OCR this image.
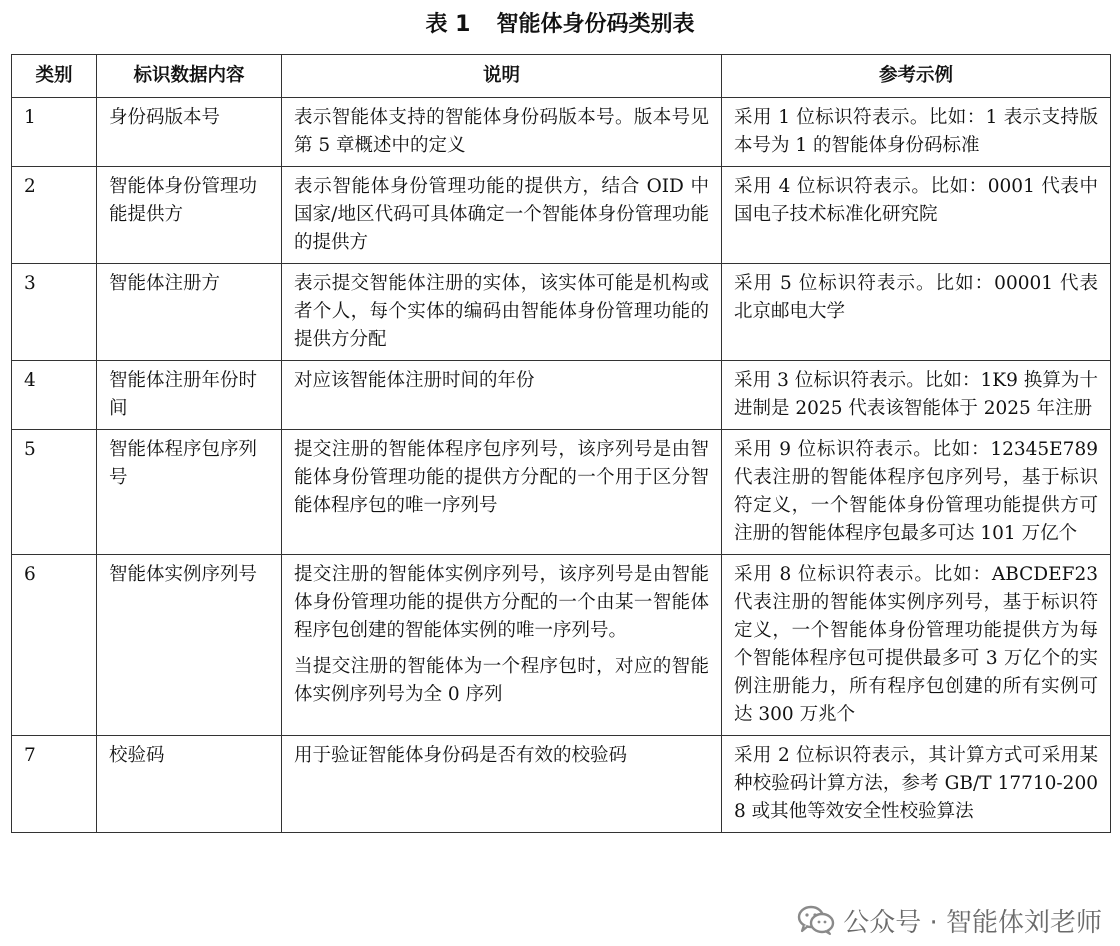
表 1 智能体身份码类别表
类别	标识数据内容	说明	参考示例
1	身份码版本号	表示智能体支持的智能体身份码版本号。版本号见第 5 章概述中的定义	采用 1 位标识符表示。比如：1 表示支持版本号为 1 的智能体身份码标准
2	智能体身份管理功能提供方	表示智能体身份管理功能的提供方，结合 OID 中国家/地区代码可具体确定一个智能体身份管理功能的提供方	采用 4 位标识符表示。比如：0001 代表中国电子技术标准化研究院
3	智能体注册方	表示提交智能体注册的实体，该实体可能是机构或者个人，每个实体的编码由智能体身份管理功能的提供方分配	采用 5 位标识符表示。比如：00001 代表北京邮电大学
4	智能体注册年份时间	对应该智能体注册时间的年份	采用 3 位标识符表示。比如：1K9 换算为十进制是 2025 代表该智能体于 2025 年注册
5	智能体程序包序列号	提交注册的智能体程序包序列号，该序列号是由智能体身份管理功能的提供方分配的一个用于区分智能体程序包的唯一序列号	采用 9 位标识符表示。比如：12345E789 代表注册的智能体程序包序列号，基于标识符定义，一个智能体身份管理功能提供方可注册的智能体程序包最多可达 101 万亿个
6	智能体实例序列号	提交注册的智能体实例序列号，该序列号是由智能体身份管理功能的提供方分配的一个由某一智能体程序包创建的智能体实例的唯一序列号。
当提交注册的智能体为一个程序包时，对应的智能体实例序列号为全 0 序列	采用 8 位标识符表示。比如：ABCDEF23 代表注册的智能体实例序列号，基于标识符定义，一个智能体身份管理功能提供方为每个智能体程序包可提供最多可 3 万亿个的实例注册能力，所有程序包创建的所有实例可达 300 万兆个
7	校验码	用于验证智能体身份码是否有效的校验码	采用 2 位标识符表示，其计算方式可采用某种校验码计算方法，参考 GB/T 17710-2008 或其他等效安全性校验算法
公众号 · 智能体刘老师
